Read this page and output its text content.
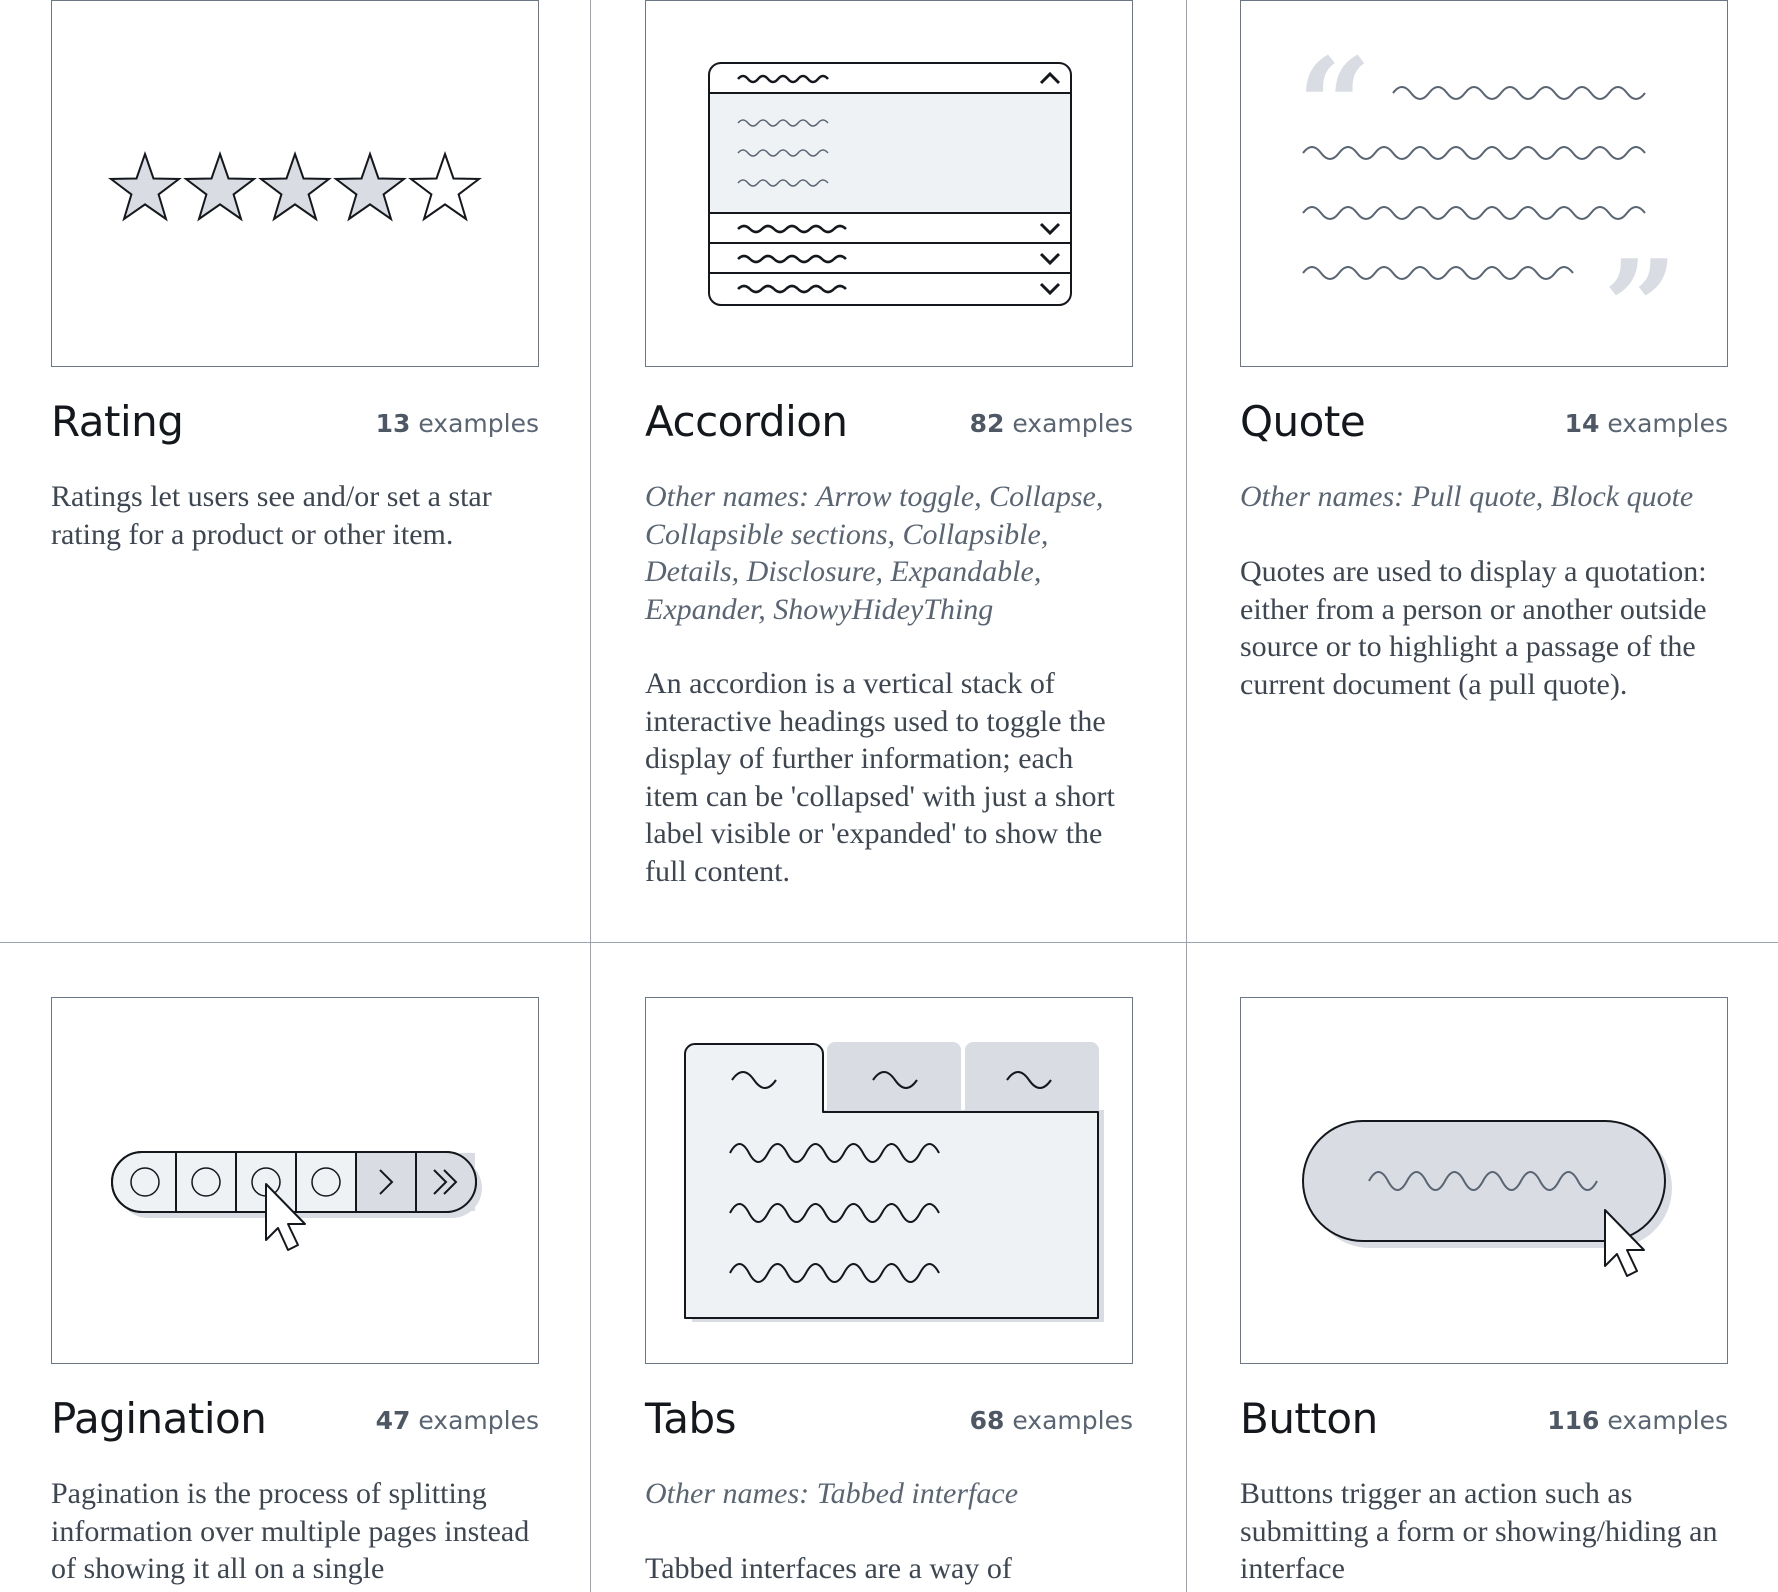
Rating	13 examples
Ratings let users see and/or set a star rating for a product or other item.
Accordion	82 examples
Other names: Arrow toggle, Collapse, Collapsible sections, Collapsible, Details, Disclosure, Expandable, Expander, ShowyHideyThing
An accordion is a vertical stack of interactive headings used to toggle the display of further information; each item can be 'collapsed' with just a short label visible or 'expanded' to show the full content.
“
”
Quote	14 examples
Other names: Pull quote, Block quote
Quotes are used to display a quotation: either from a person or another outside source or to highlight a passage of the current document (a pull quote).
Pagination	47 examples
Pagination is the process of splitting information over multiple pages instead of showing it all on a single
Tabs	68 examples
Other names: Tabbed interface
Tabbed interfaces are a way of
Button	116 examples
Buttons trigger an action such as submitting a form or showing/hiding an interface
